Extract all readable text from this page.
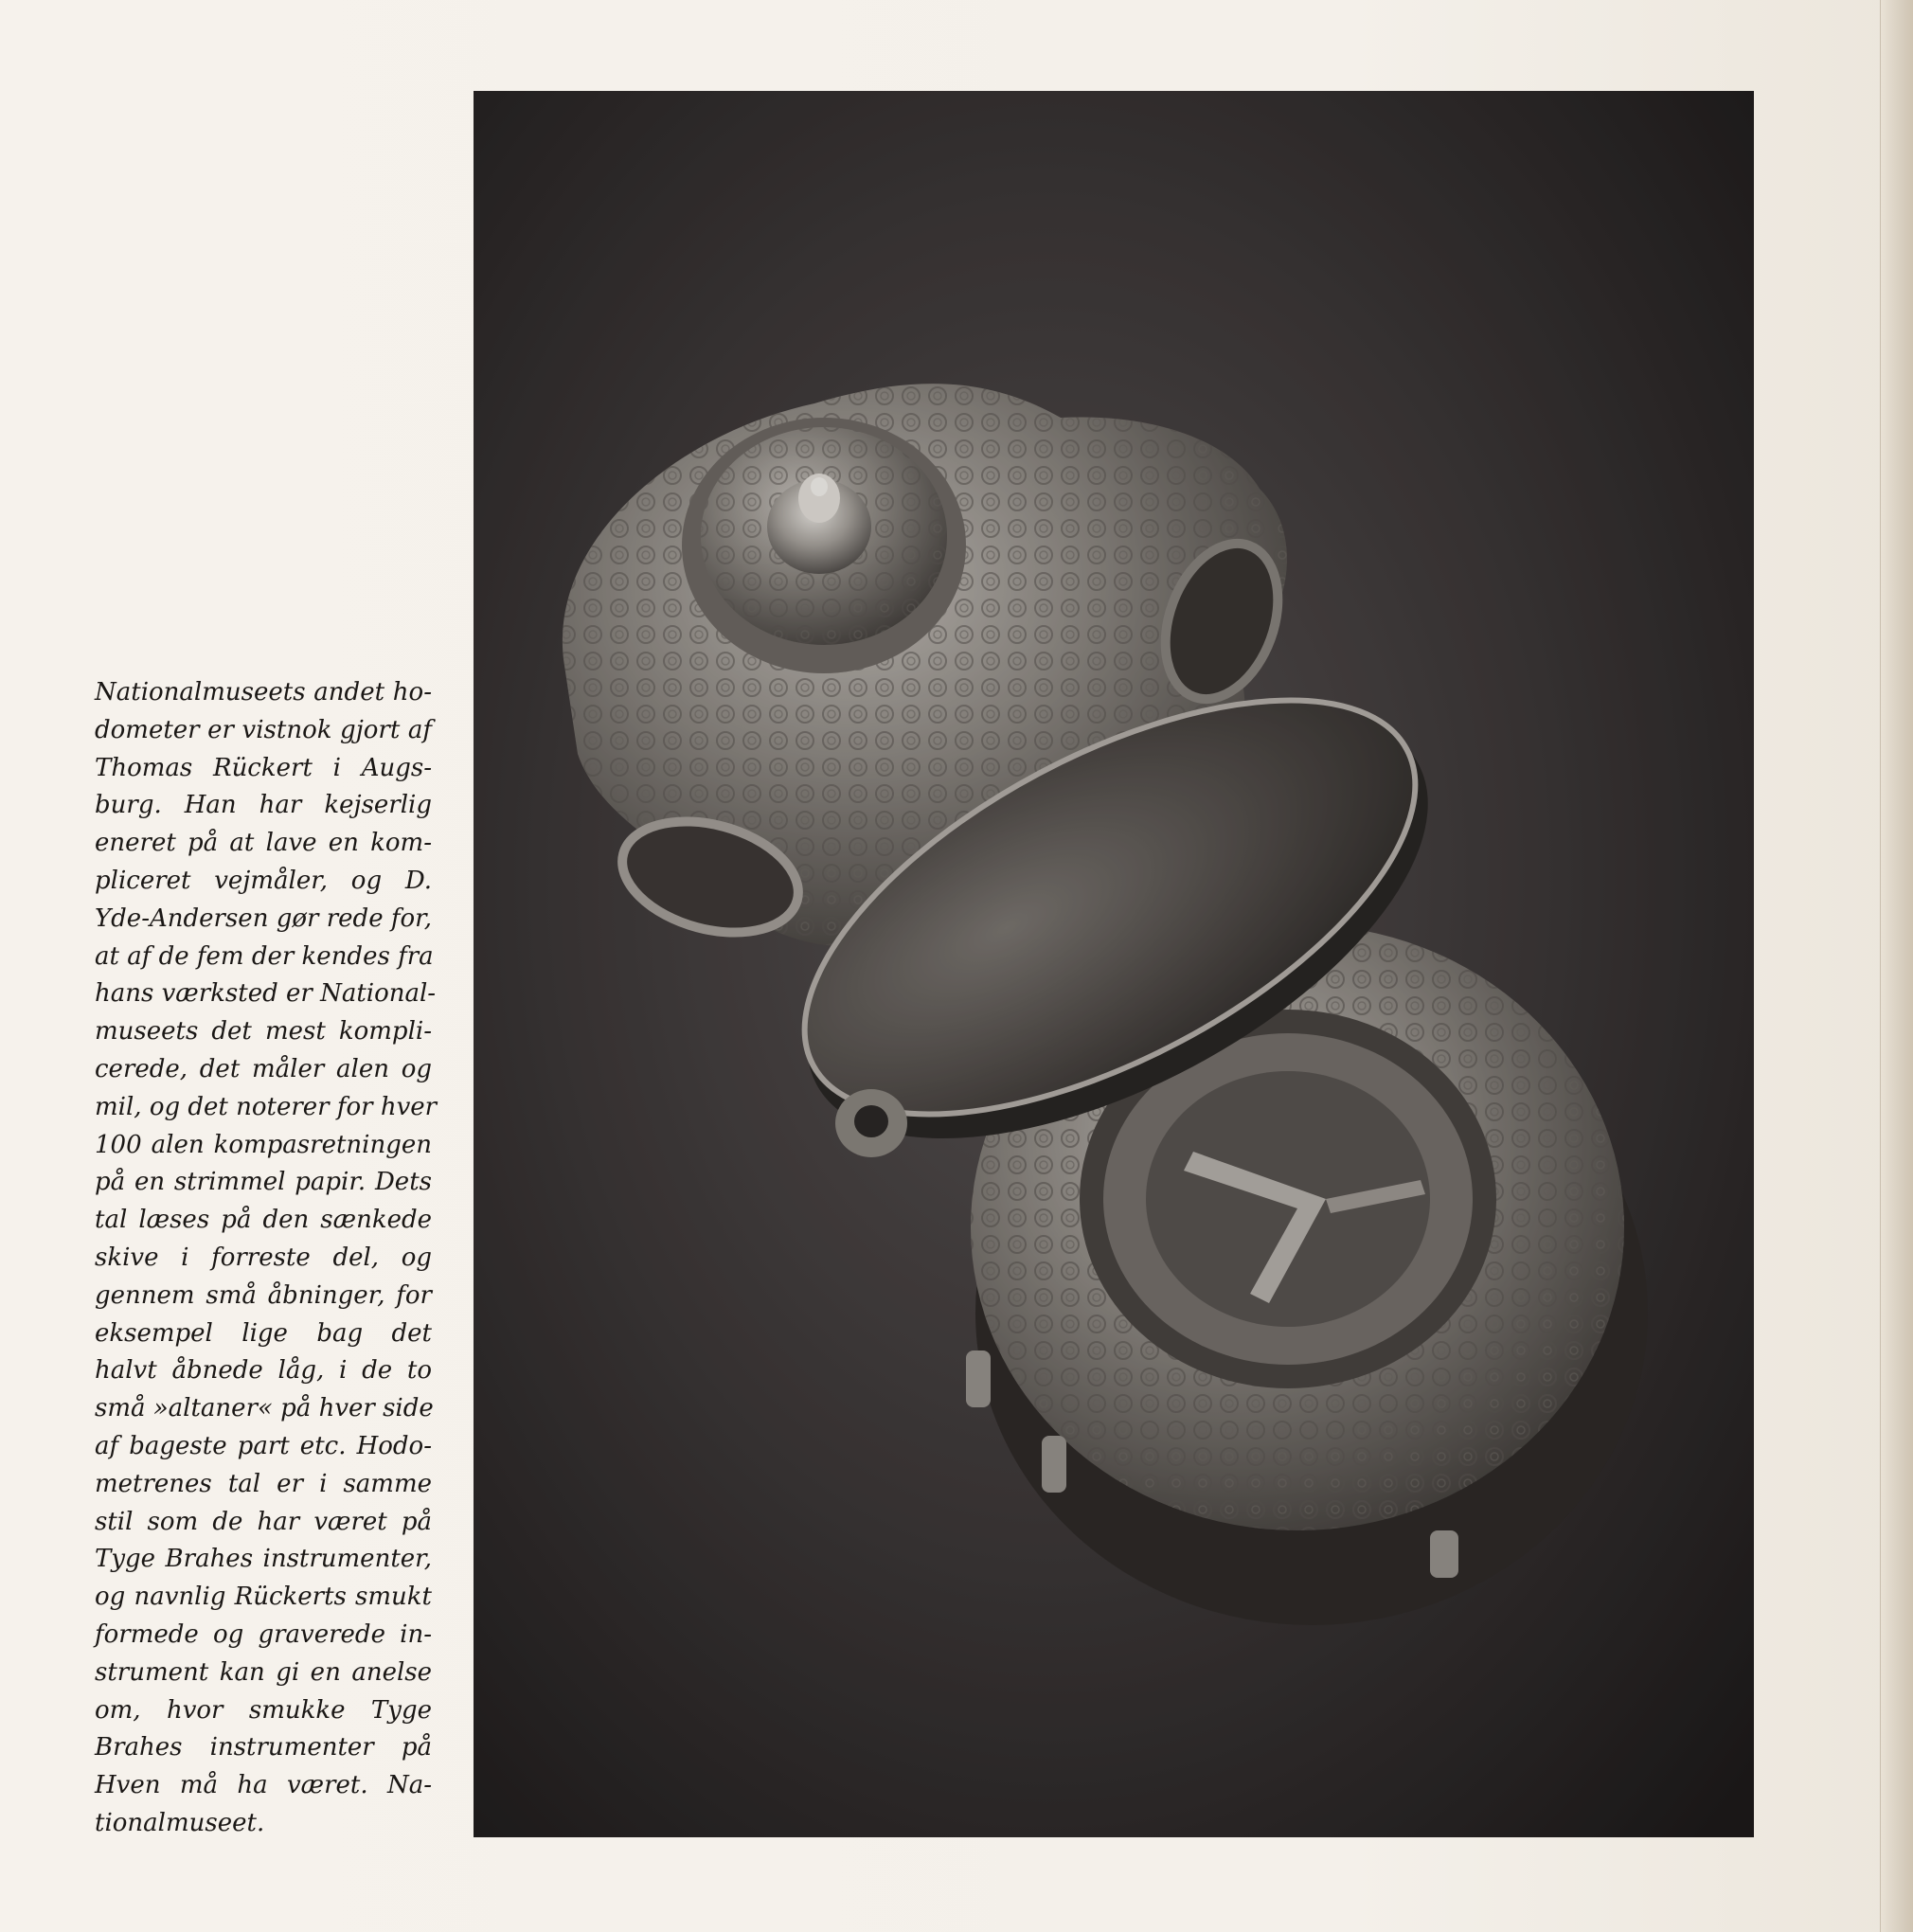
Nationalmuseets andet ho-
dometer er vistnok gjort af
Thomas Rückert i Augs-
burg. Han har kejserlig
eneret på at lave en kom-
pliceret vejmåler, og D.
Yde-Andersen gør rede for,
at af de fem der kendes fra
hans værksted er National-
museets det mest kompli-
cerede, det måler alen og
mil, og det noterer for hver
100 alen kompasretningen
på en strimmel papir. Dets
tal læses på den sænkede
skive i forreste del, og
gennem små åbninger, for
eksempel lige bag det
halvt åbnede låg, i de to
små »altaner« på hver side
af bageste part etc. Hodo-
metrenes tal er i samme
stil som de har været på
Tyge Brahes instrumenter,
og navnlig Rückerts smukt
formede og graverede in-
strument kan gi en anelse
om, hvor smukke Tyge
Brahes instrumenter på
Hven må ha været. Na-
tionalmuseet.
